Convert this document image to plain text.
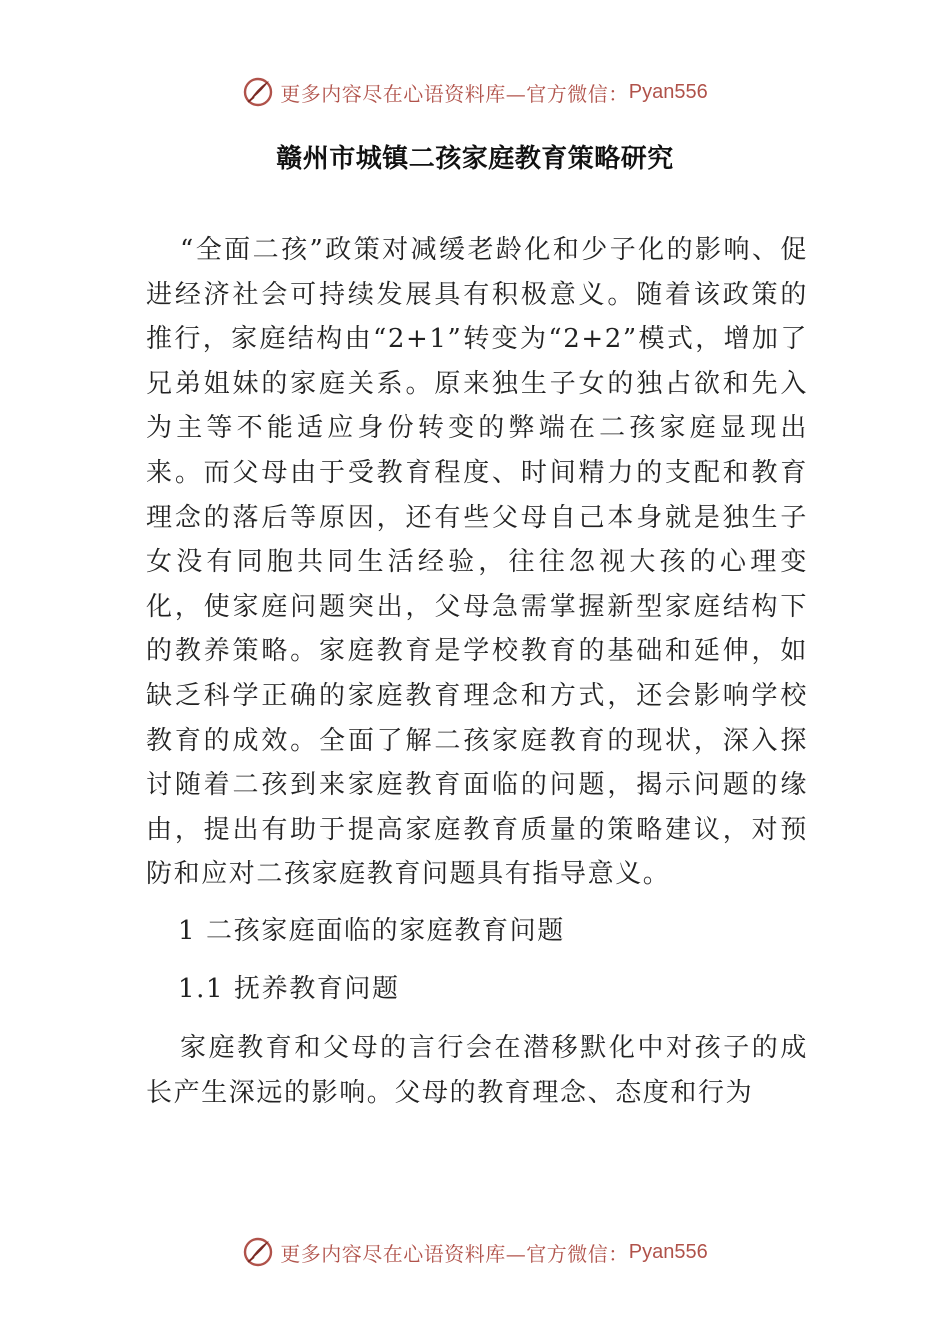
更多内容尽在心语资料库—官方微信： Pyan556
赣州市城镇二孩家庭教育策略研究

“全面二孩”政策对减缓老龄化和少子化的影响、促进经济社会可持续发展具有积极意义。随着该政策的推行，家庭结构由“2+1”转变为“2+2”模式，增加了兄弟姐妹的家庭关系。原来独生子女的独占欲和先入为主等不能适应身份转变的弊端在二孩家庭显现出来。而父母由于受教育程度、时间精力的支配和教育理念的落后等原因，还有些父母自己本身就是独生子女没有同胞共同生活经验，往往忽视大孩的心理变化，使家庭问题突出，父母急需掌握新型家庭结构下的教养策略。家庭教育是学校教育的基础和延伸，如缺乏科学正确的家庭教育理念和方式，还会影响学校教育的成效。全面了解二孩家庭教育的现状，深入探讨随着二孩到来家庭教育面临的问题，揭示问题的缘由，提出有助于提高家庭教育质量的策略建议，对预防和应对二孩家庭教育问题具有指导意义。

1 二孩家庭面临的家庭教育问题

1.1 抚养教育问题

家庭教育和父母的言行会在潜移默化中对孩子的成长产生深远的影响。父母的教育理念、态度和行为

更多内容尽在心语资料库—官方微信： Pyan556
